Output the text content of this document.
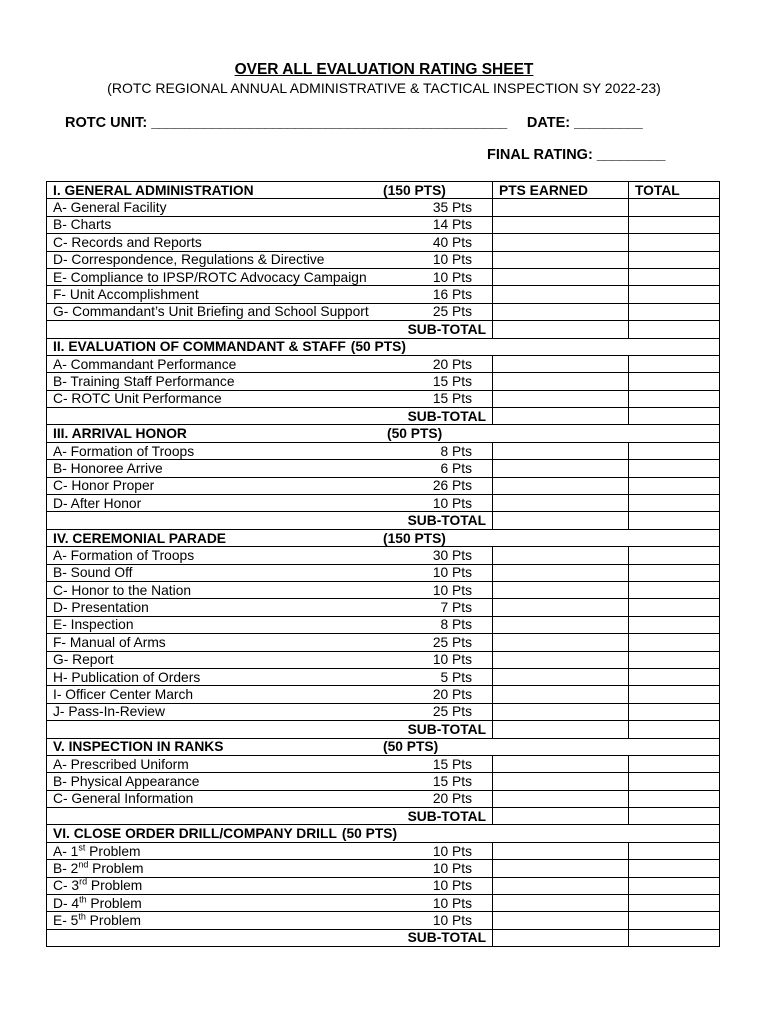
OVER ALL EVALUATION RATING SHEET
(ROTC REGIONAL ANNUAL ADMINISTRATIVE & TACTICAL INSPECTION SY 2022-23)
ROTC UNIT: _______________________________________________ DATE: _________
FINAL RATING: _________
I. GENERAL ADMINISTRATION (150 PTS)	PTS EARNED	TOTAL

A- General Facility 35 Pts		

B- Charts 14 Pts		

C- Records and Reports 40 Pts		

D- Correspondence, Regulations & Directive 10 Pts		

E- Compliance to IPSP/ROTC Advocacy Campaign 10 Pts		

F- Unit Accomplishment 16 Pts		

G- Commandant’s Unit Briefing and School Support 25 Pts		

SUB-TOTAL		

II. EVALUATION OF COMMANDANT & STAFF (50 PTS)		

A- Commandant Performance 20 Pts		

B- Training Staff Performance 15 Pts		

C- ROTC Unit Performance 15 Pts		

SUB-TOTAL		

III. ARRIVAL HONOR (50 PTS)		

A- Formation of Troops 8 Pts		

B- Honoree Arrive 6 Pts		

C- Honor Proper 26 Pts		

D- After Honor 10 Pts		

SUB-TOTAL		

IV. CEREMONIAL PARADE (150 PTS)		

A- Formation of Troops 30 Pts		

B- Sound Off 10 Pts		

C- Honor to the Nation 10 Pts		

D- Presentation 7 Pts		

E- Inspection 8 Pts		

F- Manual of Arms 25 Pts		

G- Report 10 Pts		

H- Publication of Orders 5 Pts		

I- Officer Center March 20 Pts		

J- Pass-In-Review 25 Pts		

SUB-TOTAL		

V. INSPECTION IN RANKS (50 PTS)		

A- Prescribed Uniform 15 Pts		

B- Physical Appearance 15 Pts		

C- General Information 20 Pts		

SUB-TOTAL		

VI. CLOSE ORDER DRILL/COMPANY DRILL (50 PTS)		

A- 1st Problem 10 Pts		

B- 2nd Problem 10 Pts		

C- 3rd Problem 10 Pts		

D- 4th Problem 10 Pts		

E- 5th Problem 10 Pts		

SUB-TOTAL		
